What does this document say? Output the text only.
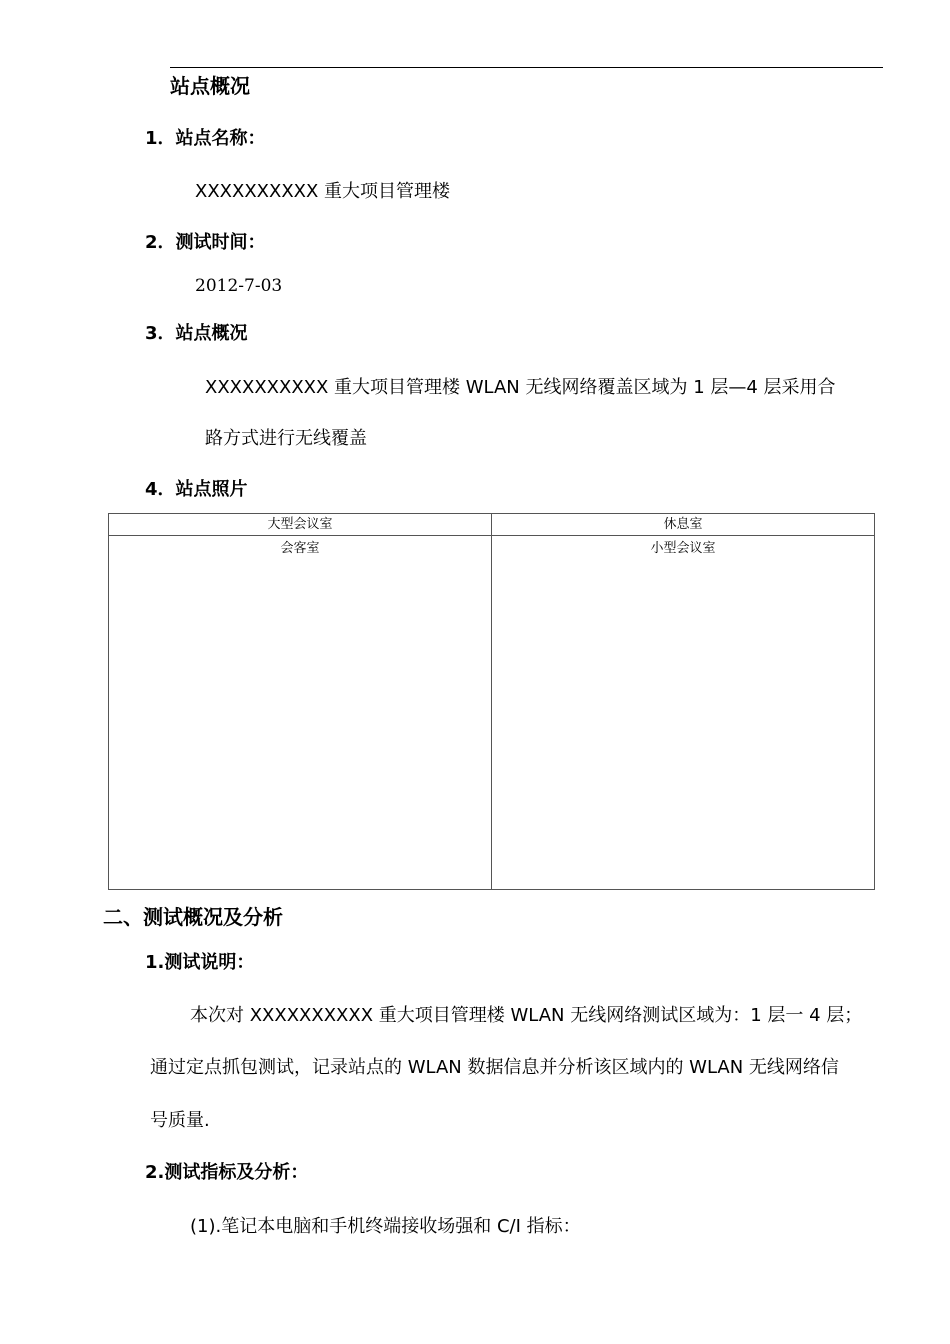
站点概况
1．站点名称：
XXXXXXXXXX 重大项目管理楼
2．测试时间：
2012-7-03
3．站点概况
XXXXXXXXXX 重大项目管理楼 WLAN 无线网络覆盖区域为 1 层—4 层采用合
路方式进行无线覆盖
4．站点照片
大型会议室	休息室
会客室	小型会议室
二、测试概况及分析
1.测试说明：
本次对 XXXXXXXXXX 重大项目管理楼 WLAN 无线网络测试区域为：1 层一 4 层；
通过定点抓包测试，记录站点的 WLAN 数据信息并分析该区域内的 WLAN 无线网络信
号质量.
2.测试指标及分析：
(1).笔记本电脑和手机终端接收场强和 C/I 指标：
